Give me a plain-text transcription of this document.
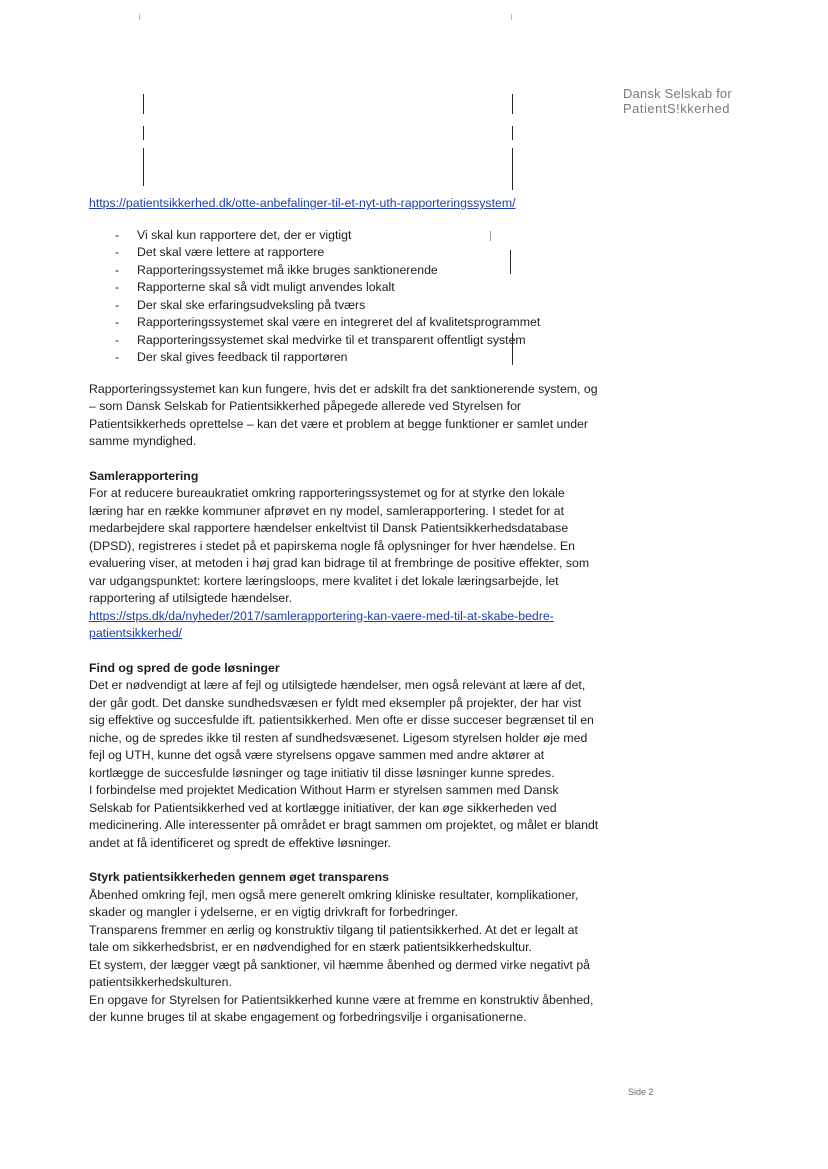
Dansk Selskab for
PatientS!kkerhed
https://patientsikkerhed.dk/otte-anbefalinger-til-et-nyt-uth-rapporteringssystem/
- Vi skal kun rapportere det, der er vigtigt
- Det skal være lettere at rapportere
- Rapporteringssystemet må ikke bruges sanktionerende
- Rapporterne skal så vidt muligt anvendes lokalt
- Der skal ske erfaringsudveksling på tværs
- Rapporteringssystemet skal være en integreret del af kvalitetsprogrammet
- Rapporteringssystemet skal medvirke til et transparent offentligt system
- Der skal gives feedback til rapportøren

Rapporteringssystemet kan kun fungere, hvis det er adskilt fra det sanktionerende system, og – som Dansk Selskab for Patientsikkerhed påpegede allerede ved Styrelsen for Patientsikkerheds oprettelse – kan det være et problem at begge funktioner er samlet under samme myndighed.

Samlerapportering

For at reducere bureaukratiet omkring rapporteringssystemet og for at styrke den lokale læring har en række kommuner afprøvet en ny model, samlerapportering. I stedet for at medarbejdere skal rapportere hændelser enkeltvist til Dansk Patientsikkerhedsdatabase (DPSD), registreres i stedet på et papirskema nogle få oplysninger for hver hændelse. En evaluering viser, at metoden i høj grad kan bidrage til at frembringe de positive effekter, som var udgangspunktet: kortere læringsloops, mere kvalitet i det lokale læringsarbejde, let rapportering af utilsigtede hændelser.

https://stps.dk/da/nyheder/2017/samlerapportering-kan-vaere-med-til-at-skabe-bedre-patientsikkerhed/
Find og spred de gode løsninger

Det er nødvendigt at lære af fejl og utilsigtede hændelser, men også relevant at lære af det, der går godt. Det danske sundhedsvæsen er fyldt med eksempler på projekter, der har vist sig effektive og succesfulde ift. patientsikkerhed. Men ofte er disse succeser begrænset til en niche, og de spredes ikke til resten af sundhedsvæsenet. Ligesom styrelsen holder øje med fejl og UTH, kunne det også være styrelsens opgave sammen med andre aktører at kortlægge de succesfulde løsninger og tage initiativ til disse løsninger kunne spredes.

I forbindelse med projektet Medication Without Harm er styrelsen sammen med Dansk Selskab for Patientsikkerhed ved at kortlægge initiativer, der kan øge sikkerheden ved medicinering. Alle interessenter på området er bragt sammen om projektet, og målet er blandt andet at få identificeret og spredt de effektive løsninger.

Styrk patientsikkerheden gennem øget transparens

Åbenhed omkring fejl, men også mere generelt omkring kliniske resultater, komplikationer, skader og mangler i ydelserne, er en vigtig drivkraft for forbedringer.

Transparens fremmer en ærlig og konstruktiv tilgang til patientsikkerhed. At det er legalt at tale om sikkerhedsbrist, er en nødvendighed for en stærk patientsikkerhedskultur.

Et system, der lægger vægt på sanktioner, vil hæmme åbenhed og dermed virke negativt på patientsikkerhedskulturen.

En opgave for Styrelsen for Patientsikkerhed kunne være at fremme en konstruktiv åbenhed, der kunne bruges til at skabe engagement og forbedringsvilje i organisationerne.

Side 2
